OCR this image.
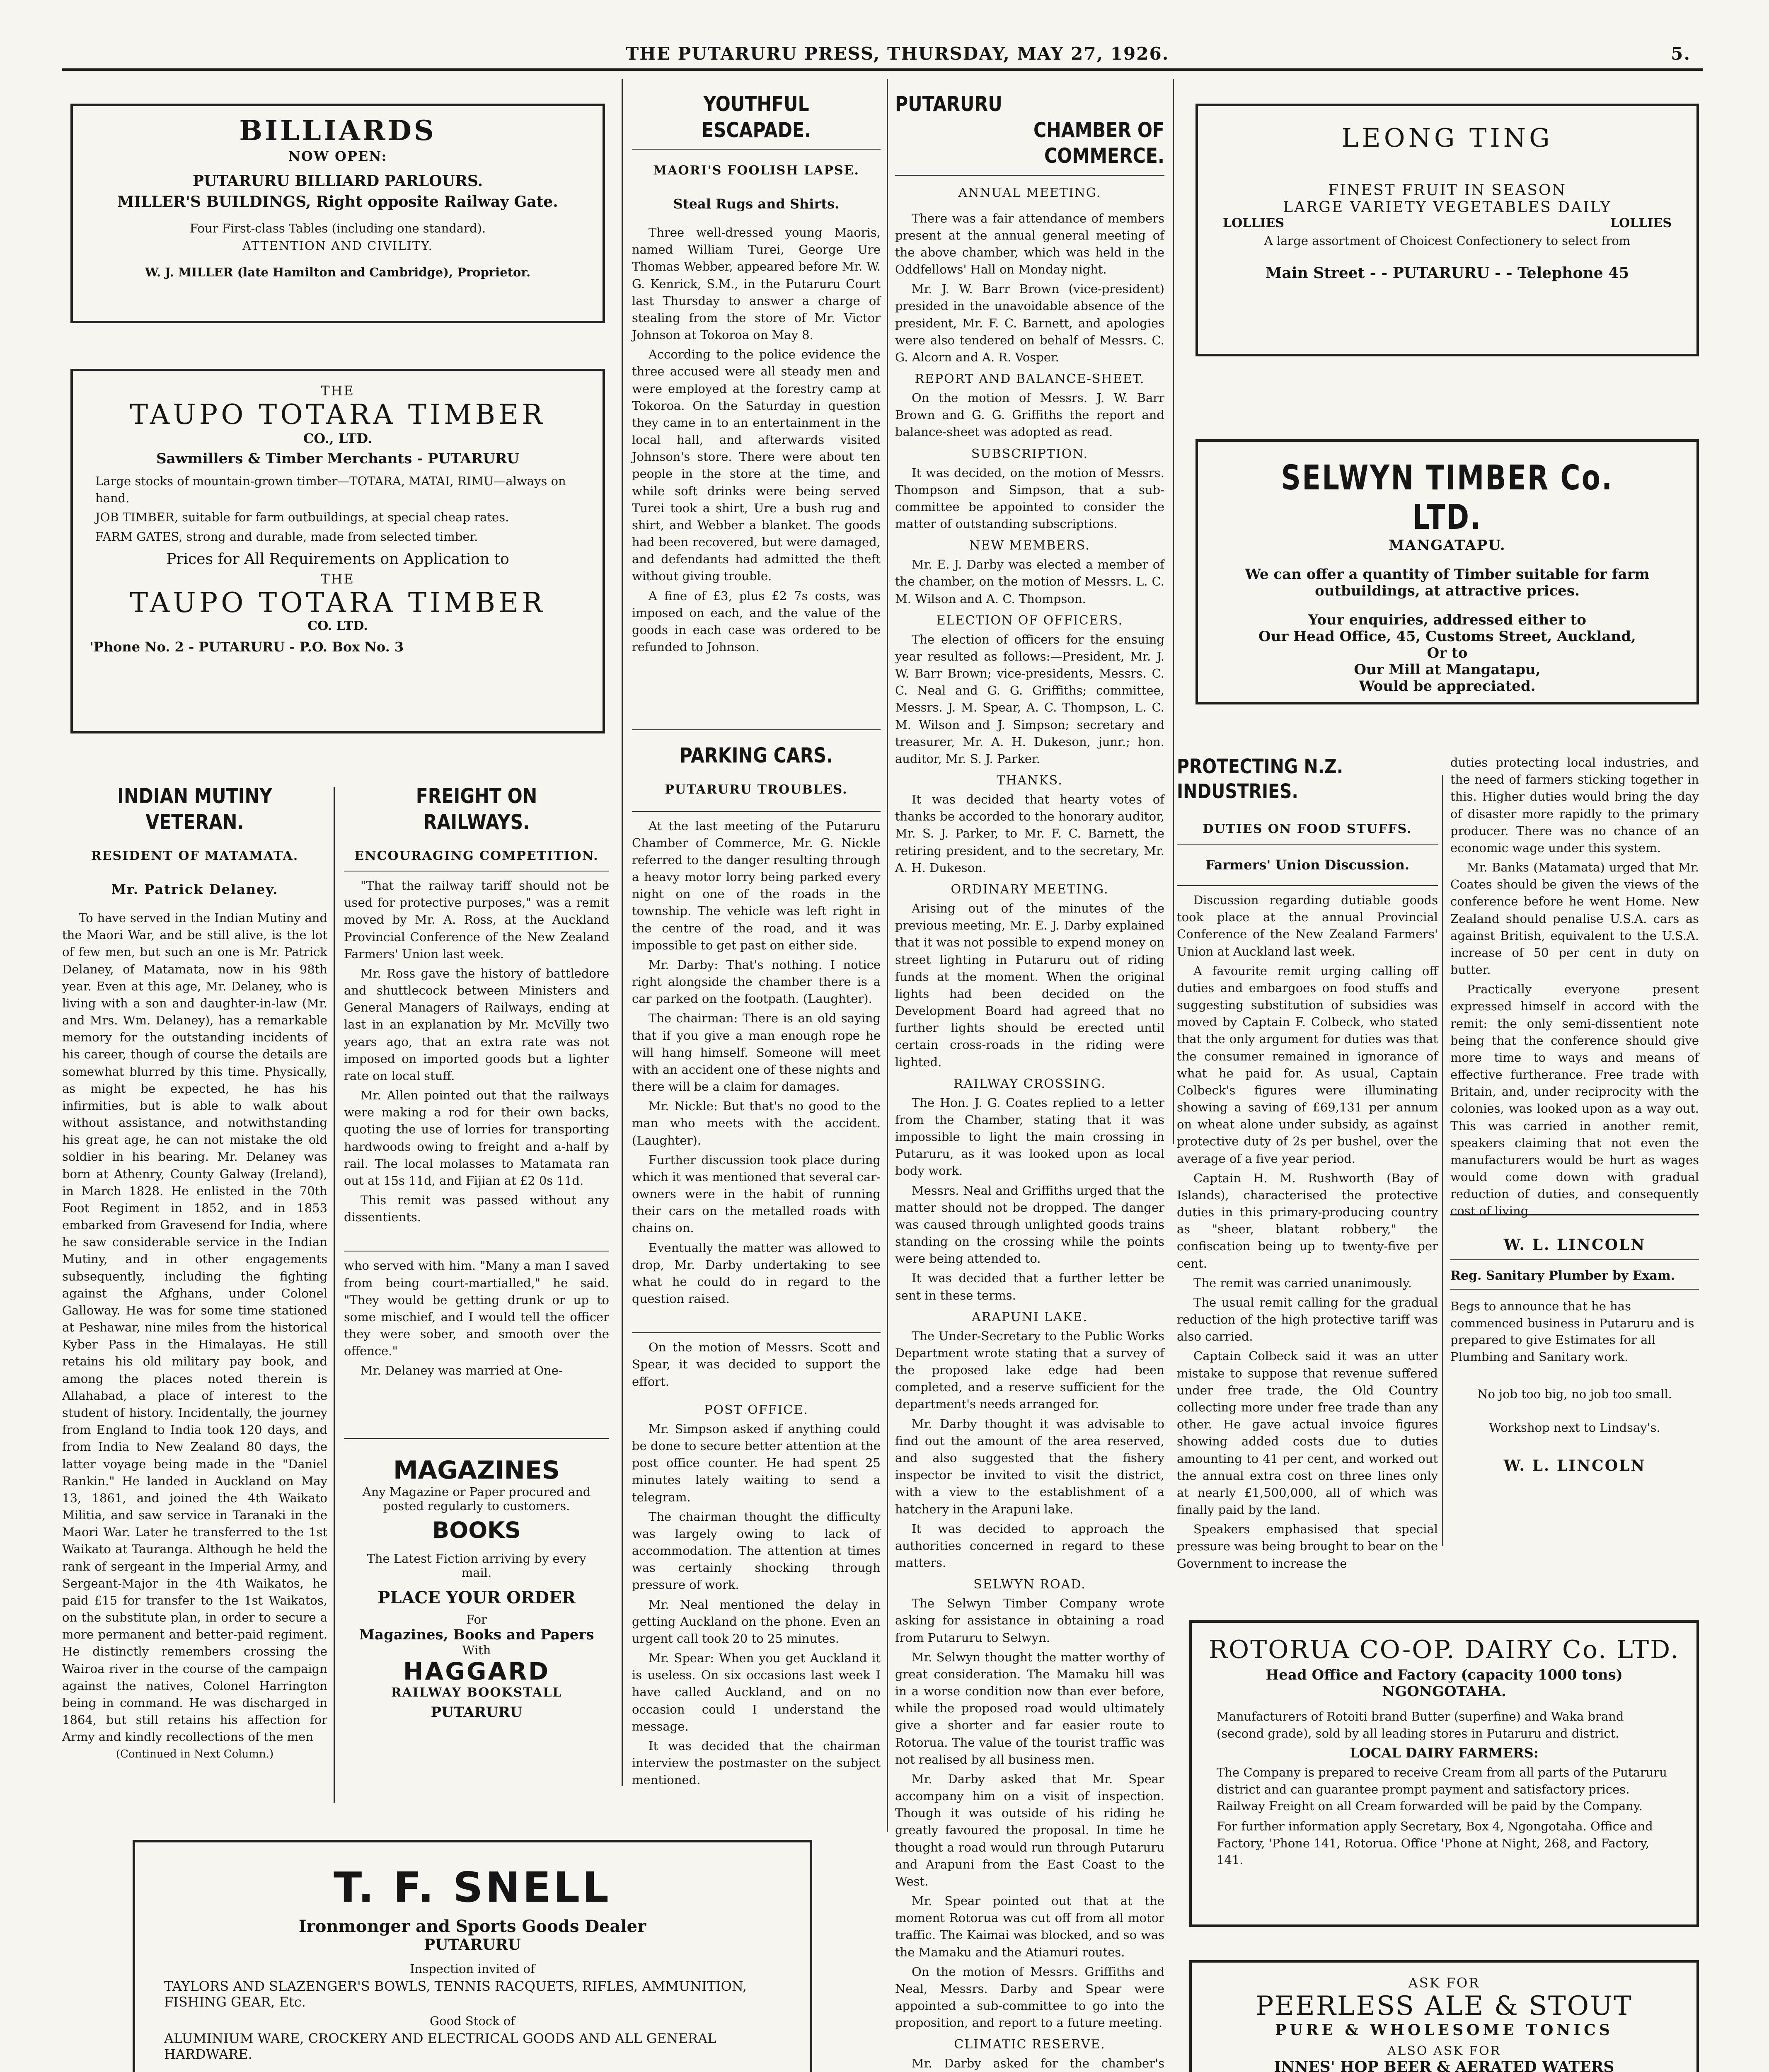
THE PUTARURU PRESS, THURSDAY, MAY 27, 1926.	5.
BILLIARDS
NOW OPEN:
PUTARURU BILLIARD PARLOURS.
MILLER'S BUILDINGS, Right opposite Railway Gate.
Four First-class Tables (including one standard).
ATTENTION AND CIVILITY.
W. J. MILLER (late Hamilton and Cambridge), Proprietor.
THE
TAUPO TOTARA TIMBER
CO., LTD.
Sawmillers & Timber Merchants - PUTARURU
Large stocks of mountain-grown timber—TOTARA, MATAI, RIMU—always on hand.
JOB TIMBER, suitable for farm outbuildings, at special cheap rates.
FARM GATES, strong and durable, made from selected timber.
Prices for All Requirements on Application to
THE
TAUPO TOTARA TIMBER
CO. LTD.
'Phone No. 2 - PUTARURU - P.O. Box No. 3
INDIAN MUTINY VETERAN.
RESIDENT OF MATAMATA.
Mr. Patrick Delaney.

To have served in the Indian Mutiny and the Maori War, and be still alive, is the lot of few men, but such an one is Mr. Patrick Delaney, of Matamata, now in his 98th year. Even at this age, Mr. Delaney, who is living with a son and daughter-in-law (Mr. and Mrs. Wm. Delaney), has a remarkable memory for the outstanding incidents of his career, though of course the details are somewhat blurred by this time. Physically, as might be expected, he has his infirmities, but is able to walk about without assistance, and notwithstanding his great age, he can not mistake the old soldier in his bearing. Mr. Delaney was born at Athenry, County Galway (Ireland), in March 1828. He enlisted in the 70th Foot Regiment in 1852, and in 1853 embarked from Gravesend for India, where he saw considerable service in the Indian Mutiny, and in other engagements subsequently, including the fighting against the Afghans, under Colonel Galloway. He was for some time stationed at Peshawar, nine miles from the historical Kyber Pass in the Himalayas. He still retains his old military pay book, and among the places noted therein is Allahabad, a place of interest to the student of history. Incidentally, the journey from England to India took 120 days, and from India to New Zealand 80 days, the latter voyage being made in the "Daniel Rankin." He landed in Auckland on May 13, 1861, and joined the 4th Waikato Militia, and saw service in Taranaki in the Maori War. Later he transferred to the 1st Waikato at Tauranga. Although he held the rank of sergeant in the Imperial Army, and Sergeant-Major in the 4th Waikatos, he paid £15 for transfer to the 1st Waikatos, on the substitute plan, in order to secure a more permanent and better-paid regiment. He distinctly remembers crossing the Wairoa river in the course of the campaign against the natives, Colonel Harrington being in command. He was discharged in 1864, but still retains his affection for Army and kindly recollections of the men

(Continued in Next Column.)
FREIGHT ON RAILWAYS.
ENCOURAGING COMPETITION.

"That the railway tariff should not be used for protective purposes," was a remit moved by Mr. A. Ross, at the Auckland Provincial Conference of the New Zealand Farmers' Union last week.

Mr. Ross gave the history of battledore and shuttlecock between Ministers and General Managers of Railways, ending at last in an explanation by Mr. McVilly two years ago, that an extra rate was not imposed on imported goods but a lighter rate on local stuff.

Mr. Allen pointed out that the railways were making a rod for their own backs, quoting the use of lorries for transporting hardwoods owing to freight and a-half by rail. The local molasses to Matamata ran out at 15s 11d, and Fijian at £2 0s 11d.

This remit was passed without any dissentients.

who served with him. "Many a man I saved from being court-martialled," he said. "They would be getting drunk or up to some mischief, and I would tell the officer they were sober, and smooth over the offence."

Mr. Delaney was married at One-

MAGAZINES
Any Magazine or Paper procured and posted regularly to customers.
BOOKS
The Latest Fiction arriving by every mail.
PLACE YOUR ORDER
For
Magazines, Books and Papers
With
HAGGARD
RAILWAY BOOKSTALL
PUTARURU
YOUTHFUL ESCAPADE.
MAORI'S FOOLISH LAPSE.
Steal Rugs and Shirts.

Three well-dressed young Maoris, named William Turei, George Ure Thomas Webber, appeared before Mr. W. G. Kenrick, S.M., in the Putaruru Court last Thursday to answer a charge of stealing from the store of Mr. Victor Johnson at Tokoroa on May 8.

According to the police evidence the three accused were all steady men and were employed at the forestry camp at Tokoroa. On the Saturday in question they came in to an entertainment in the local hall, and afterwards visited Johnson's store. There were about ten people in the store at the time, and while soft drinks were being served Turei took a shirt, Ure a bush rug and shirt, and Webber a blanket. The goods had been recovered, but were damaged, and defendants had admitted the theft without giving trouble.

A fine of £3, plus £2 7s costs, was imposed on each, and the value of the goods in each case was ordered to be refunded to Johnson.

PARKING CARS.
PUTARURU TROUBLES.

At the last meeting of the Putaruru Chamber of Commerce, Mr. G. Nickle referred to the danger resulting through a heavy motor lorry being parked every night on one of the roads in the township. The vehicle was left right in the centre of the road, and it was impossible to get past on either side.

Mr. Darby: That's nothing. I notice right alongside the chamber there is a car parked on the footpath. (Laughter).

The chairman: There is an old saying that if you give a man enough rope he will hang himself. Someone will meet with an accident one of these nights and there will be a claim for damages.

Mr. Nickle: But that's no good to the man who meets with the accident. (Laughter).

Further discussion took place during which it was mentioned that several car-owners were in the habit of running their cars on the metalled roads with chains on.

Eventually the matter was allowed to drop, Mr. Darby undertaking to see what he could do in regard to the question raised.

On the motion of Messrs. Scott and Spear, it was decided to support the effort.

POST OFFICE.

Mr. Simpson asked if anything could be done to secure better attention at the post office counter. He had spent 25 minutes lately waiting to send a telegram.

The chairman thought the difficulty was largely owing to lack of accommodation. The attention at times was certainly shocking through pressure of work.

Mr. Neal mentioned the delay in getting Auckland on the phone. Even an urgent call took 20 to 25 minutes.

Mr. Spear: When you get Auckland it is useless. On six occasions last week I have called Auckland, and on no occasion could I understand the message.

It was decided that the chairman interview the postmaster on the subject mentioned.

PUTARURU
CHAMBER OF COMMERCE.
ANNUAL MEETING.

There was a fair attendance of members present at the annual general meeting of the above chamber, which was held in the Oddfellows' Hall on Monday night.

Mr. J. W. Barr Brown (vice-president) presided in the unavoidable absence of the president, Mr. F. C. Barnett, and apologies were also tendered on behalf of Messrs. C. G. Alcorn and A. R. Vosper.

REPORT AND BALANCE-SHEET.

On the motion of Messrs. J. W. Barr Brown and G. G. Griffiths the report and balance-sheet was adopted as read.

SUBSCRIPTION.

It was decided, on the motion of Messrs. Thompson and Simpson, that a sub-committee be appointed to consider the matter of outstanding subscriptions.

NEW MEMBERS.

Mr. E. J. Darby was elected a member of the chamber, on the motion of Messrs. L. C. M. Wilson and A. C. Thompson.

ELECTION OF OFFICERS.

The election of officers for the ensuing year resulted as follows:—President, Mr. J. W. Barr Brown; vice-presidents, Messrs. C. C. Neal and G. G. Griffiths; committee, Messrs. J. M. Spear, A. C. Thompson, L. C. M. Wilson and J. Simpson; secretary and treasurer, Mr. A. H. Dukeson, junr.; hon. auditor, Mr. S. J. Parker.

THANKS.

It was decided that hearty votes of thanks be accorded to the honorary auditor, Mr. S. J. Parker, to Mr. F. C. Barnett, the retiring president, and to the secretary, Mr. A. H. Dukeson.

ORDINARY MEETING.

Arising out of the minutes of the previous meeting, Mr. E. J. Darby explained that it was not possible to expend money on street lighting in Putaruru out of riding funds at the moment. When the original lights had been decided on the Development Board had agreed that no further lights should be erected until certain cross-roads in the riding were lighted.

RAILWAY CROSSING.

The Hon. J. G. Coates replied to a letter from the Chamber, stating that it was impossible to light the main crossing in Putaruru, as it was looked upon as local body work.

Messrs. Neal and Griffiths urged that the matter should not be dropped. The danger was caused through unlighted goods trains standing on the crossing while the points were being attended to.

It was decided that a further letter be sent in these terms.

ARAPUNI LAKE.

The Under-Secretary to the Public Works Department wrote stating that a survey of the proposed lake edge had been completed, and a reserve sufficient for the department's needs arranged for.

Mr. Darby thought it was advisable to find out the amount of the area reserved, and also suggested that the fishery inspector be invited to visit the district, with a view to the establishment of a hatchery in the Arapuni lake.

It was decided to approach the authorities concerned in regard to these matters.

SELWYN ROAD.

The Selwyn Timber Company wrote asking for assistance in obtaining a road from Putaruru to Selwyn.

Mr. Selwyn thought the matter worthy of great consideration. The Mamaku hill was in a worse condition now than ever before, while the proposed road would ultimately give a shorter and far easier route to Rotorua. The value of the tourist traffic was not realised by all business men.

Mr. Darby asked that Mr. Spear accompany him on a visit of inspection. Though it was outside of his riding he greatly favoured the proposal. In time he thought a road would run through Putaruru and Arapuni from the East Coast to the West.

Mr. Spear pointed out that at the moment Rotorua was cut off from all motor traffic. The Kaimai was blocked, and so was the Mamaku and the Atiamuri routes.

On the motion of Messrs. Griffiths and Neal, Messrs. Darby and Spear were appointed a sub-committee to go into the proposition, and report to a future meeting.

CLIMATIC RESERVE.

Mr. Darby asked for the chamber's

LEONG TING
FINEST FRUIT IN SEASON
LARGE VARIETY VEGETABLES DAILY
LOLLIES	LOLLIES
A large assortment of Choicest Confectionery to select from
Main Street - - PUTARURU - - Telephone 45
SELWYN TIMBER Co. LTD.
MANGATAPU.
We can offer a quantity of Timber suitable for farm outbuildings, at attractive prices.
Your enquiries, addressed either to
Our Head Office, 45, Customs Street, Auckland,
Or to
Our Mill at Mangatapu,
Would be appreciated.
PROTECTING N.Z. INDUSTRIES.
DUTIES ON FOOD STUFFS.
Farmers' Union Discussion.

Discussion regarding dutiable goods took place at the annual Provincial Conference of the New Zealand Farmers' Union at Auckland last week.

A favourite remit urging calling off duties and embargoes on food stuffs and suggesting substitution of subsidies was moved by Captain F. Colbeck, who stated that the only argument for duties was that the consumer remained in ignorance of what he paid for. As usual, Captain Colbeck's figures were illuminating showing a saving of £69,131 per annum on wheat alone under subsidy, as against protective duty of 2s per bushel, over the average of a five year period.

Captain H. M. Rushworth (Bay of Islands), characterised the protective duties in this primary-producing country as "sheer, blatant robbery," the confiscation being up to twenty-five per cent.

The remit was carried unanimously.

The usual remit calling for the gradual reduction of the high protective tariff was also carried.

Captain Colbeck said it was an utter mistake to suppose that revenue suffered under free trade, the Old Country collecting more under free trade than any other. He gave actual invoice figures showing added costs due to duties amounting to 41 per cent, and worked out the annual extra cost on three lines only at nearly £1,500,000, all of which was finally paid by the land.

Speakers emphasised that special pressure was being brought to bear on the Government to increase the

duties protecting local industries, and the need of farmers sticking together in this. Higher duties would bring the day of disaster more rapidly to the primary producer. There was no chance of an economic wage under this system.

Mr. Banks (Matamata) urged that Mr. Coates should be given the views of the conference before he went Home. New Zealand should penalise U.S.A. cars as against British, equivalent to the U.S.A. increase of 50 per cent in duty on butter.

Practically everyone present expressed himself in accord with the remit: the only semi-dissentient note being that the conference should give more time to ways and means of effective furtherance. Free trade with Britain, and, under reciprocity with the colonies, was looked upon as a way out. This was carried in another remit, speakers claiming that not even the manufacturers would be hurt as wages would come down with gradual reduction of duties, and consequently cost of living.

W. L. LINCOLN
Reg. Sanitary Plumber by Exam.
Begs to announce that he has commenced business in Putaruru and is prepared to give Estimates for all Plumbing and Sanitary work.
No job too big, no job too small.
Workshop next to Lindsay's.
W. L. LINCOLN
ROTORUA CO-OP. DAIRY Co. LTD.
Head Office and Factory (capacity 1000 tons) NGONGOTAHA.
Manufacturers of Rotoiti brand Butter (superfine) and Waka brand (second grade), sold by all leading stores in Putaruru and district.
LOCAL DAIRY FARMERS:
The Company is prepared to receive Cream from all parts of the Putaruru district and can guarantee prompt payment and satisfactory prices. Railway Freight on all Cream forwarded will be paid by the Company.
For further information apply Secretary, Box 4, Ngongotaha. Office and Factory, 'Phone 141, Rotorua. Office 'Phone at Night, 268, and Factory, 141.
T. F. SNELL
Ironmonger and Sports Goods Dealer
PUTARURU
Inspection invited of
TAYLORS AND SLAZENGER'S BOWLS, TENNIS RACQUETS, RIFLES, AMMUNITION, FISHING GEAR, Etc.
Good Stock of
ALUMINIUM WARE, CROCKERY AND ELECTRICAL GOODS AND ALL GENERAL HARDWARE.
ASK FOR
PEERLESS ALE & STOUT
PURE & WHOLESOME TONICS
ALSO ASK FOR
INNES' HOP BEER & AERATED WATERS
